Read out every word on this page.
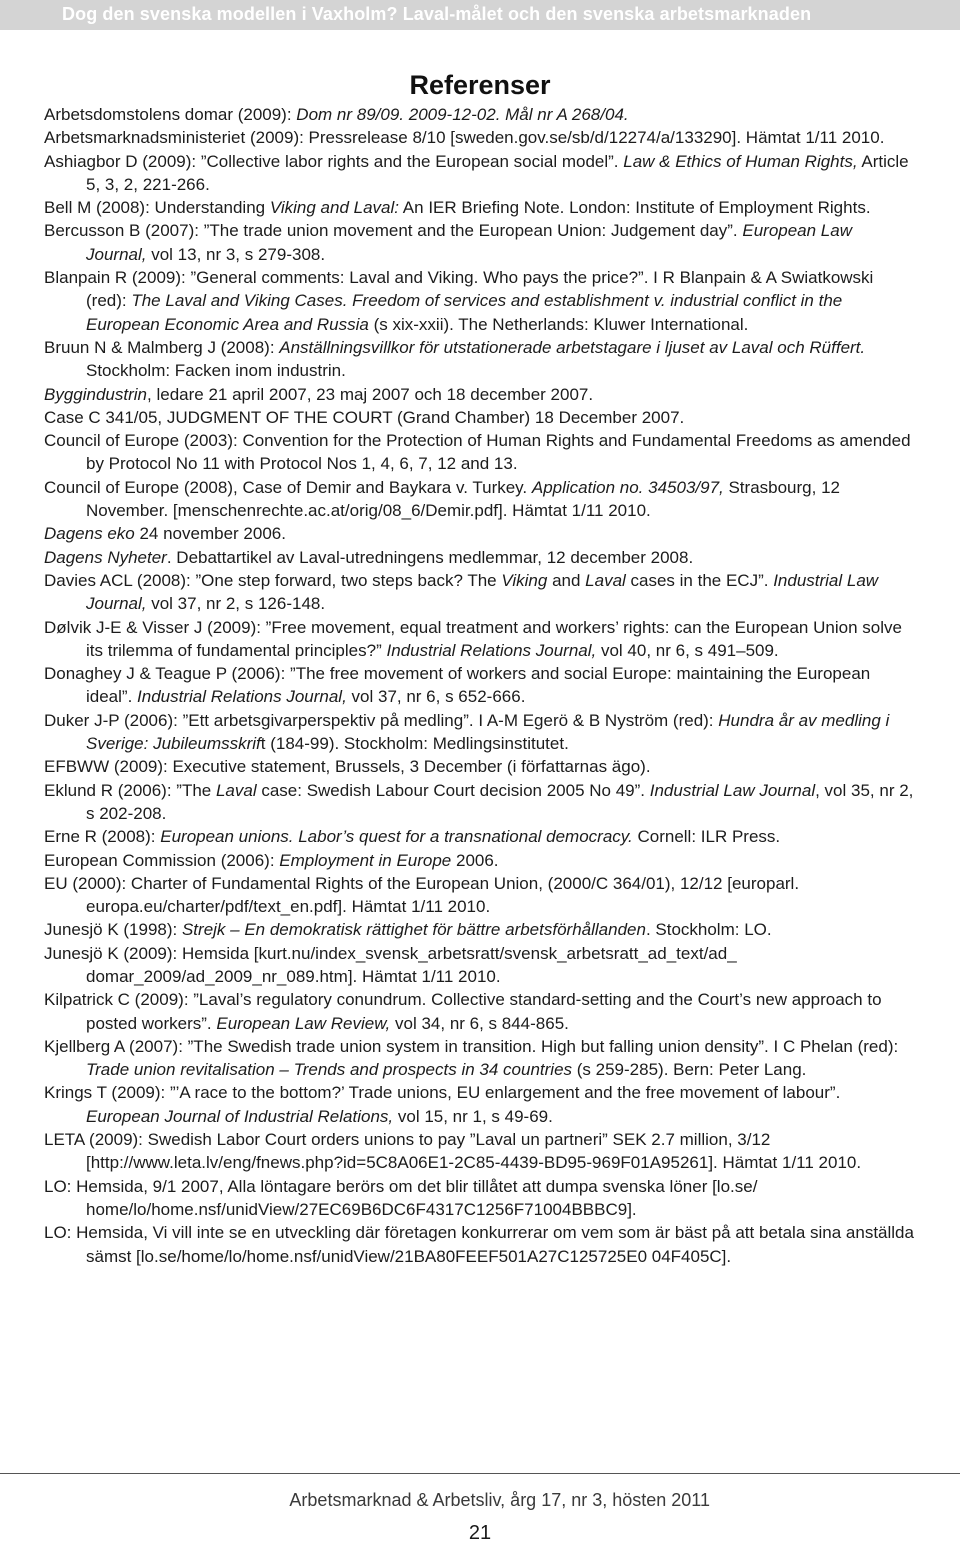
Dog den svenska modellen i Vaxholm? Laval-målet och den svenska arbetsmarknaden
Referenser

Arbetsdomstolens domar (2009): Dom nr 89/09. 2009-12-02. Mål nr A 268/04.

Arbetsmarknadsministeriet (2009): Pressrelease 8/10 [sweden.gov.se/sb/d/12274/a/133290]. Hämtat 1/11 2010.

Ashiagbor D (2009): ”Collective labor rights and the European social model”. Law & Ethics of Human Rights, Article 5, 3, 2, 221-266.

Bell M (2008): Understanding Viking and Laval: An IER Briefing Note. London: Institute of Employment Rights.

Bercusson B (2007): ”The trade union movement and the European Union: Judgement day”. European Law Journal, vol 13, nr 3, s 279-308.

Blanpain R (2009): ”General comments: Laval and Viking. Who pays the price?”. I R Blanpain & A Swiatkowski (red): The Laval and Viking Cases. Freedom of services and establishment v. industrial conflict in the European Economic Area and Russia (s xix-xxii). The Netherlands: Kluwer International.

Bruun N & Malmberg J (2008): Anställningsvillkor för utstationerade arbetstagare i ljuset av Laval och Rüffert. Stockholm: Facken inom industrin.

Byggindustrin, ledare 21 april 2007, 23 maj 2007 och 18 december 2007.

Case C 341/05, JUDGMENT OF THE COURT (Grand Chamber) 18 December 2007.

Council of Europe (2003): Convention for the Protection of Human Rights and Fundamental Freedoms as amended by Protocol No 11 with Protocol Nos 1, 4, 6, 7, 12 and 13.

Council of Europe (2008), Case of Demir and Baykara v. Turkey. Application no. 34503/97, Strasbourg, 12 November. [menschenrechte.ac.at/orig/08_6/Demir.pdf]. Hämtat 1/11 2010.

Dagens eko 24 november 2006.

Dagens Nyheter. Debattartikel av Laval-utredningens medlemmar, 12 december 2008.

Davies ACL (2008): ”One step forward, two steps back? The Viking and Laval cases in the ECJ”. Industrial Law Journal, vol 37, nr 2, s 126-148.

Dølvik J-E & Visser J (2009): ”Free movement, equal treatment and workers’ rights: can the European Union solve its trilemma of fundamental principles?” Industrial Relations Journal, vol 40, nr 6, s 491–509.

Donaghey J & Teague P (2006): ”The free movement of workers and social Europe: maintaining the European ideal”. Industrial Relations Journal, vol 37, nr 6, s 652-666.

Duker J-P (2006): ”Ett arbetsgivarperspektiv på medling”. I A-M Egerö & B Nyström (red): Hundra år av medling i Sverige: Jubileumsskrift (184-99). Stockholm: Medlingsinstitutet.

EFBWW (2009): Executive statement, Brussels, 3 December (i författarnas ägo).

Eklund R (2006): ”The Laval case: Swedish Labour Court decision 2005 No 49”. Industrial Law Journal, vol 35, nr 2, s 202-208.

Erne R (2008): European unions. Labor’s quest for a transnational democracy. Cornell: ILR Press.

European Commission (2006): Employment in Europe 2006.

EU (2000): Charter of Fundamental Rights of the European Union, (2000/C 364/01), 12/12 [europarl. europa.eu/charter/pdf/text_en.pdf]. Hämtat 1/11 2010.

Junesjö K (1998): Strejk – En demokratisk rättighet för bättre arbetsförhållanden. Stockholm: LO.

Junesjö K (2009): Hemsida [kurt.nu/index_svensk_arbetsratt/svensk_arbetsratt_ad_text/ad_ domar_2009/ad_2009_nr_089.htm]. Hämtat 1/11 2010.

Kilpatrick C (2009): ”Laval’s regulatory conundrum. Collective standard-setting and the Court’s new approach to posted workers”. European Law Review, vol 34, nr 6, s 844-865.

Kjellberg A (2007): ”The Swedish trade union system in transition. High but falling union density”. I C Phelan (red): Trade union revitalisation – Trends and prospects in 34 countries (s 259-285). Bern: Peter Lang.

Krings T (2009): ”’A race to the bottom?’ Trade unions, EU enlargement and the free movement of labour”. European Journal of Industrial Relations, vol 15, nr 1, s 49-69.

LETA (2009): Swedish Labor Court orders unions to pay ”Laval un partneri” SEK 2.7 million, 3/12 [http://www.leta.lv/eng/fnews.php?id=5C8A06E1-2C85-4439-BD95-969F01A95261]. Hämtat 1/11 2010.

LO: Hemsida, 9/1 2007, Alla löntagare berörs om det blir tillåtet att dumpa svenska löner [lo.se/ home/lo/home.nsf/unidView/27EC69B6DC6F4317C1256F71004BBBC9].

LO: Hemsida, Vi vill inte se en utveckling där företagen konkurrerar om vem som är bäst på att betala sina anställda sämst [lo.se/home/lo/home.nsf/unidView/21BA80FEEF501A27C125725E0 04F405C].

Arbetsmarknad & Arbetsliv, årg 17, nr 3, hösten 2011
21
